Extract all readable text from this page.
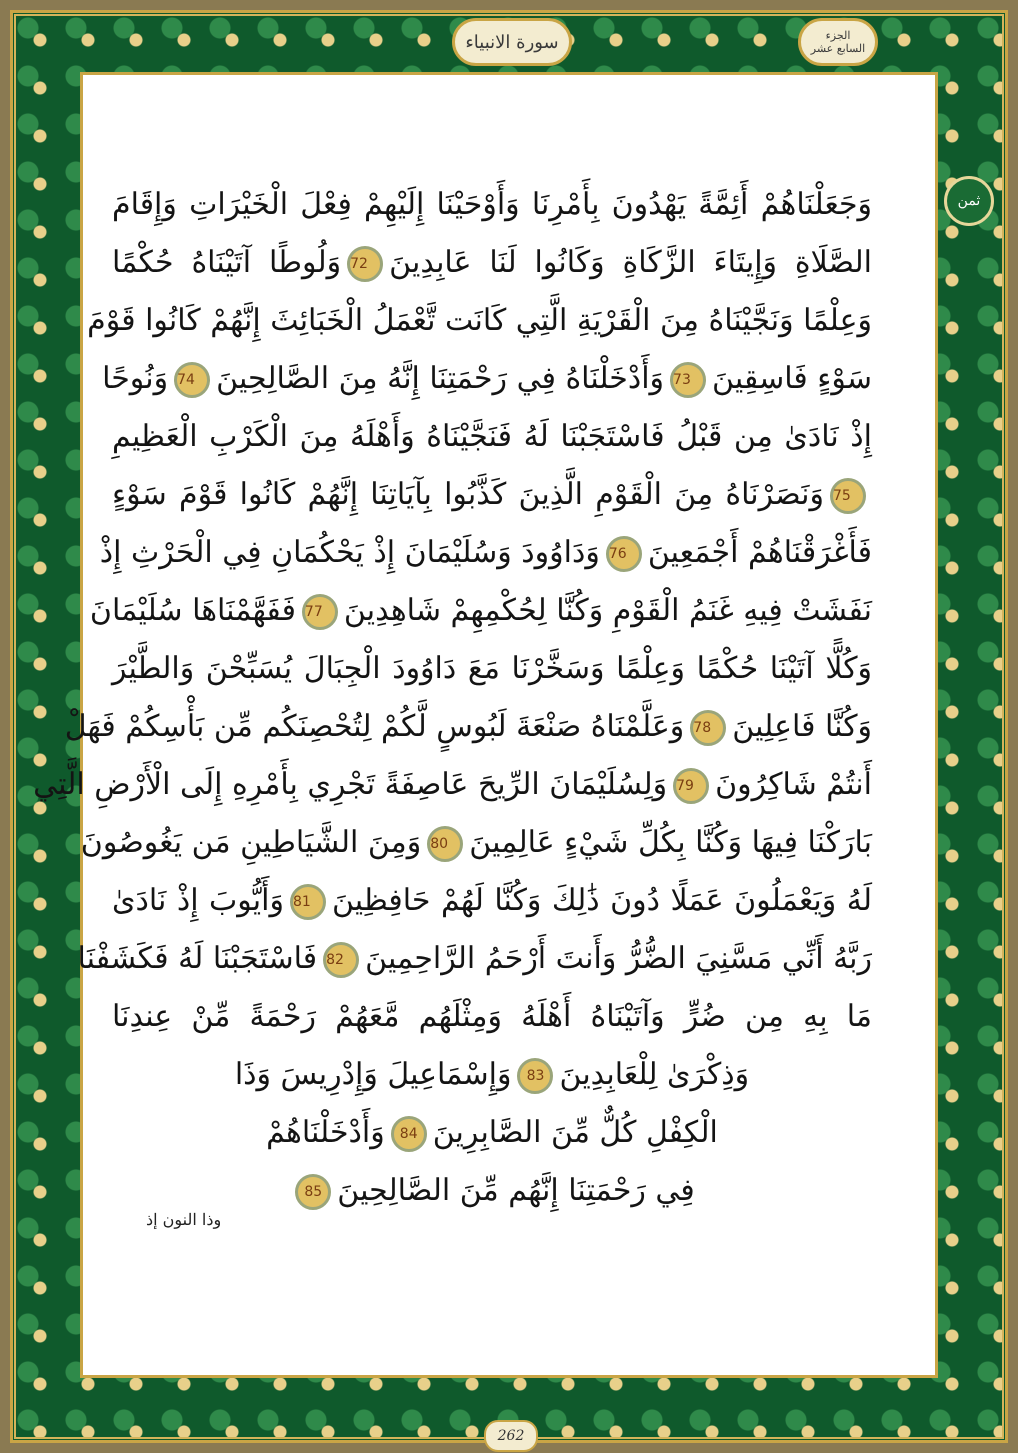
سورة الانبياء	الجزء
السابع عشر
ثمن
وَجَعَلْنَاهُمْ أَئِمَّةً يَهْدُونَ بِأَمْرِنَا وَأَوْحَيْنَا إِلَيْهِمْ فِعْلَ الْخَيْرَاتِ وَإِقَامَ
الصَّلَاةِ وَإِيتَاءَ الزَّكَاةِ وَكَانُوا لَنَا عَابِدِينَ72وَلُوطًا آتَيْنَاهُ حُكْمًا
وَعِلْمًا وَنَجَّيْنَاهُ مِنَ الْقَرْيَةِ الَّتِي كَانَت تَّعْمَلُ الْخَبَائِثَ إِنَّهُمْ كَانُوا قَوْمَ
سَوْءٍ فَاسِقِينَ73وَأَدْخَلْنَاهُ فِي رَحْمَتِنَا إِنَّهُ مِنَ الصَّالِحِينَ74وَنُوحًا
إِذْ نَادَىٰ مِن قَبْلُ فَاسْتَجَبْنَا لَهُ فَنَجَّيْنَاهُ وَأَهْلَهُ مِنَ الْكَرْبِ الْعَظِيمِ
75وَنَصَرْنَاهُ مِنَ الْقَوْمِ الَّذِينَ كَذَّبُوا بِآيَاتِنَا إِنَّهُمْ كَانُوا قَوْمَ سَوْءٍ
فَأَغْرَقْنَاهُمْ أَجْمَعِينَ76وَدَاوُودَ وَسُلَيْمَانَ إِذْ يَحْكُمَانِ فِي الْحَرْثِ إِذْ
نَفَشَتْ فِيهِ غَنَمُ الْقَوْمِ وَكُنَّا لِحُكْمِهِمْ شَاهِدِينَ77فَفَهَّمْنَاهَا سُلَيْمَانَ
وَكُلًّا آتَيْنَا حُكْمًا وَعِلْمًا وَسَخَّرْنَا مَعَ دَاوُودَ الْجِبَالَ يُسَبِّحْنَ وَالطَّيْرَ
وَكُنَّا فَاعِلِينَ78وَعَلَّمْنَاهُ صَنْعَةَ لَبُوسٍ لَّكُمْ لِتُحْصِنَكُم مِّن بَأْسِكُمْ فَهَلْ
أَنتُمْ شَاكِرُونَ79وَلِسُلَيْمَانَ الرِّيحَ عَاصِفَةً تَجْرِي بِأَمْرِهِ إِلَى الْأَرْضِ الَّتِي
بَارَكْنَا فِيهَا وَكُنَّا بِكُلِّ شَيْءٍ عَالِمِينَ80وَمِنَ الشَّيَاطِينِ مَن يَغُوصُونَ
لَهُ وَيَعْمَلُونَ عَمَلًا دُونَ ذَٰلِكَ وَكُنَّا لَهُمْ حَافِظِينَ81وَأَيُّوبَ إِذْ نَادَىٰ
رَبَّهُ أَنِّي مَسَّنِيَ الضُّرُّ وَأَنتَ أَرْحَمُ الرَّاحِمِينَ82فَاسْتَجَبْنَا لَهُ فَكَشَفْنَا
مَا بِهِ مِن ضُرٍّ وَآتَيْنَاهُ أَهْلَهُ وَمِثْلَهُم مَّعَهُمْ رَحْمَةً مِّنْ عِندِنَا
وَذِكْرَىٰ لِلْعَابِدِينَ83وَإِسْمَاعِيلَ وَإِدْرِيسَ وَذَا
الْكِفْلِ كُلٌّ مِّنَ الصَّابِرِينَ84وَأَدْخَلْنَاهُمْ
فِي رَحْمَتِنَا إِنَّهُم مِّنَ الصَّالِحِينَ85
وذا النون إذ
262
